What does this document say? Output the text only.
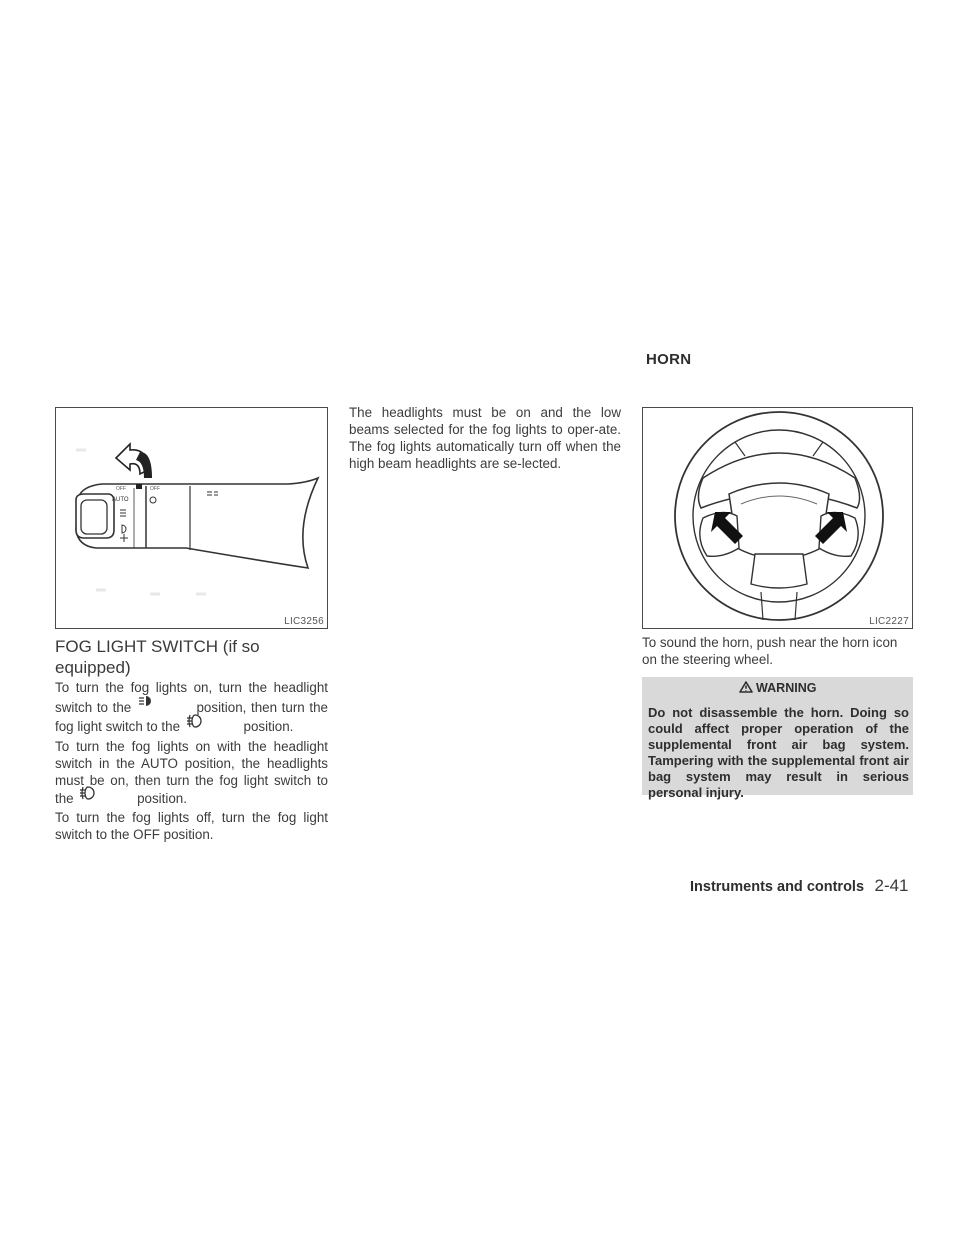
HORN
AUTO
OFF	OFF
LIC3256

FOG LIGHT SWITCH (if so

equipped)

To turn the fog lights on, turn the headlight switch to the	position, then turn the fog light switch to the	position.

To turn the fog lights on with the headlight switch in the AUTO position, the headlights must be on, then turn the fog light switch to the	position.

To turn the fog lights off, turn the fog light switch to the OFF position.

The headlights must be on and the low beams selected for the fog lights to oper-ate. The fog lights automatically turn off when the high beam headlights are se-lected.

LIC2227

To sound the horn, push near the horn icon on the steering wheel.

WARNING
Do not disassemble the horn. Doing so could affect proper operation of the supplemental front air bag system. Tampering with the supplemental front air bag system may result in serious personal injury.
Instruments and controls 2-41
